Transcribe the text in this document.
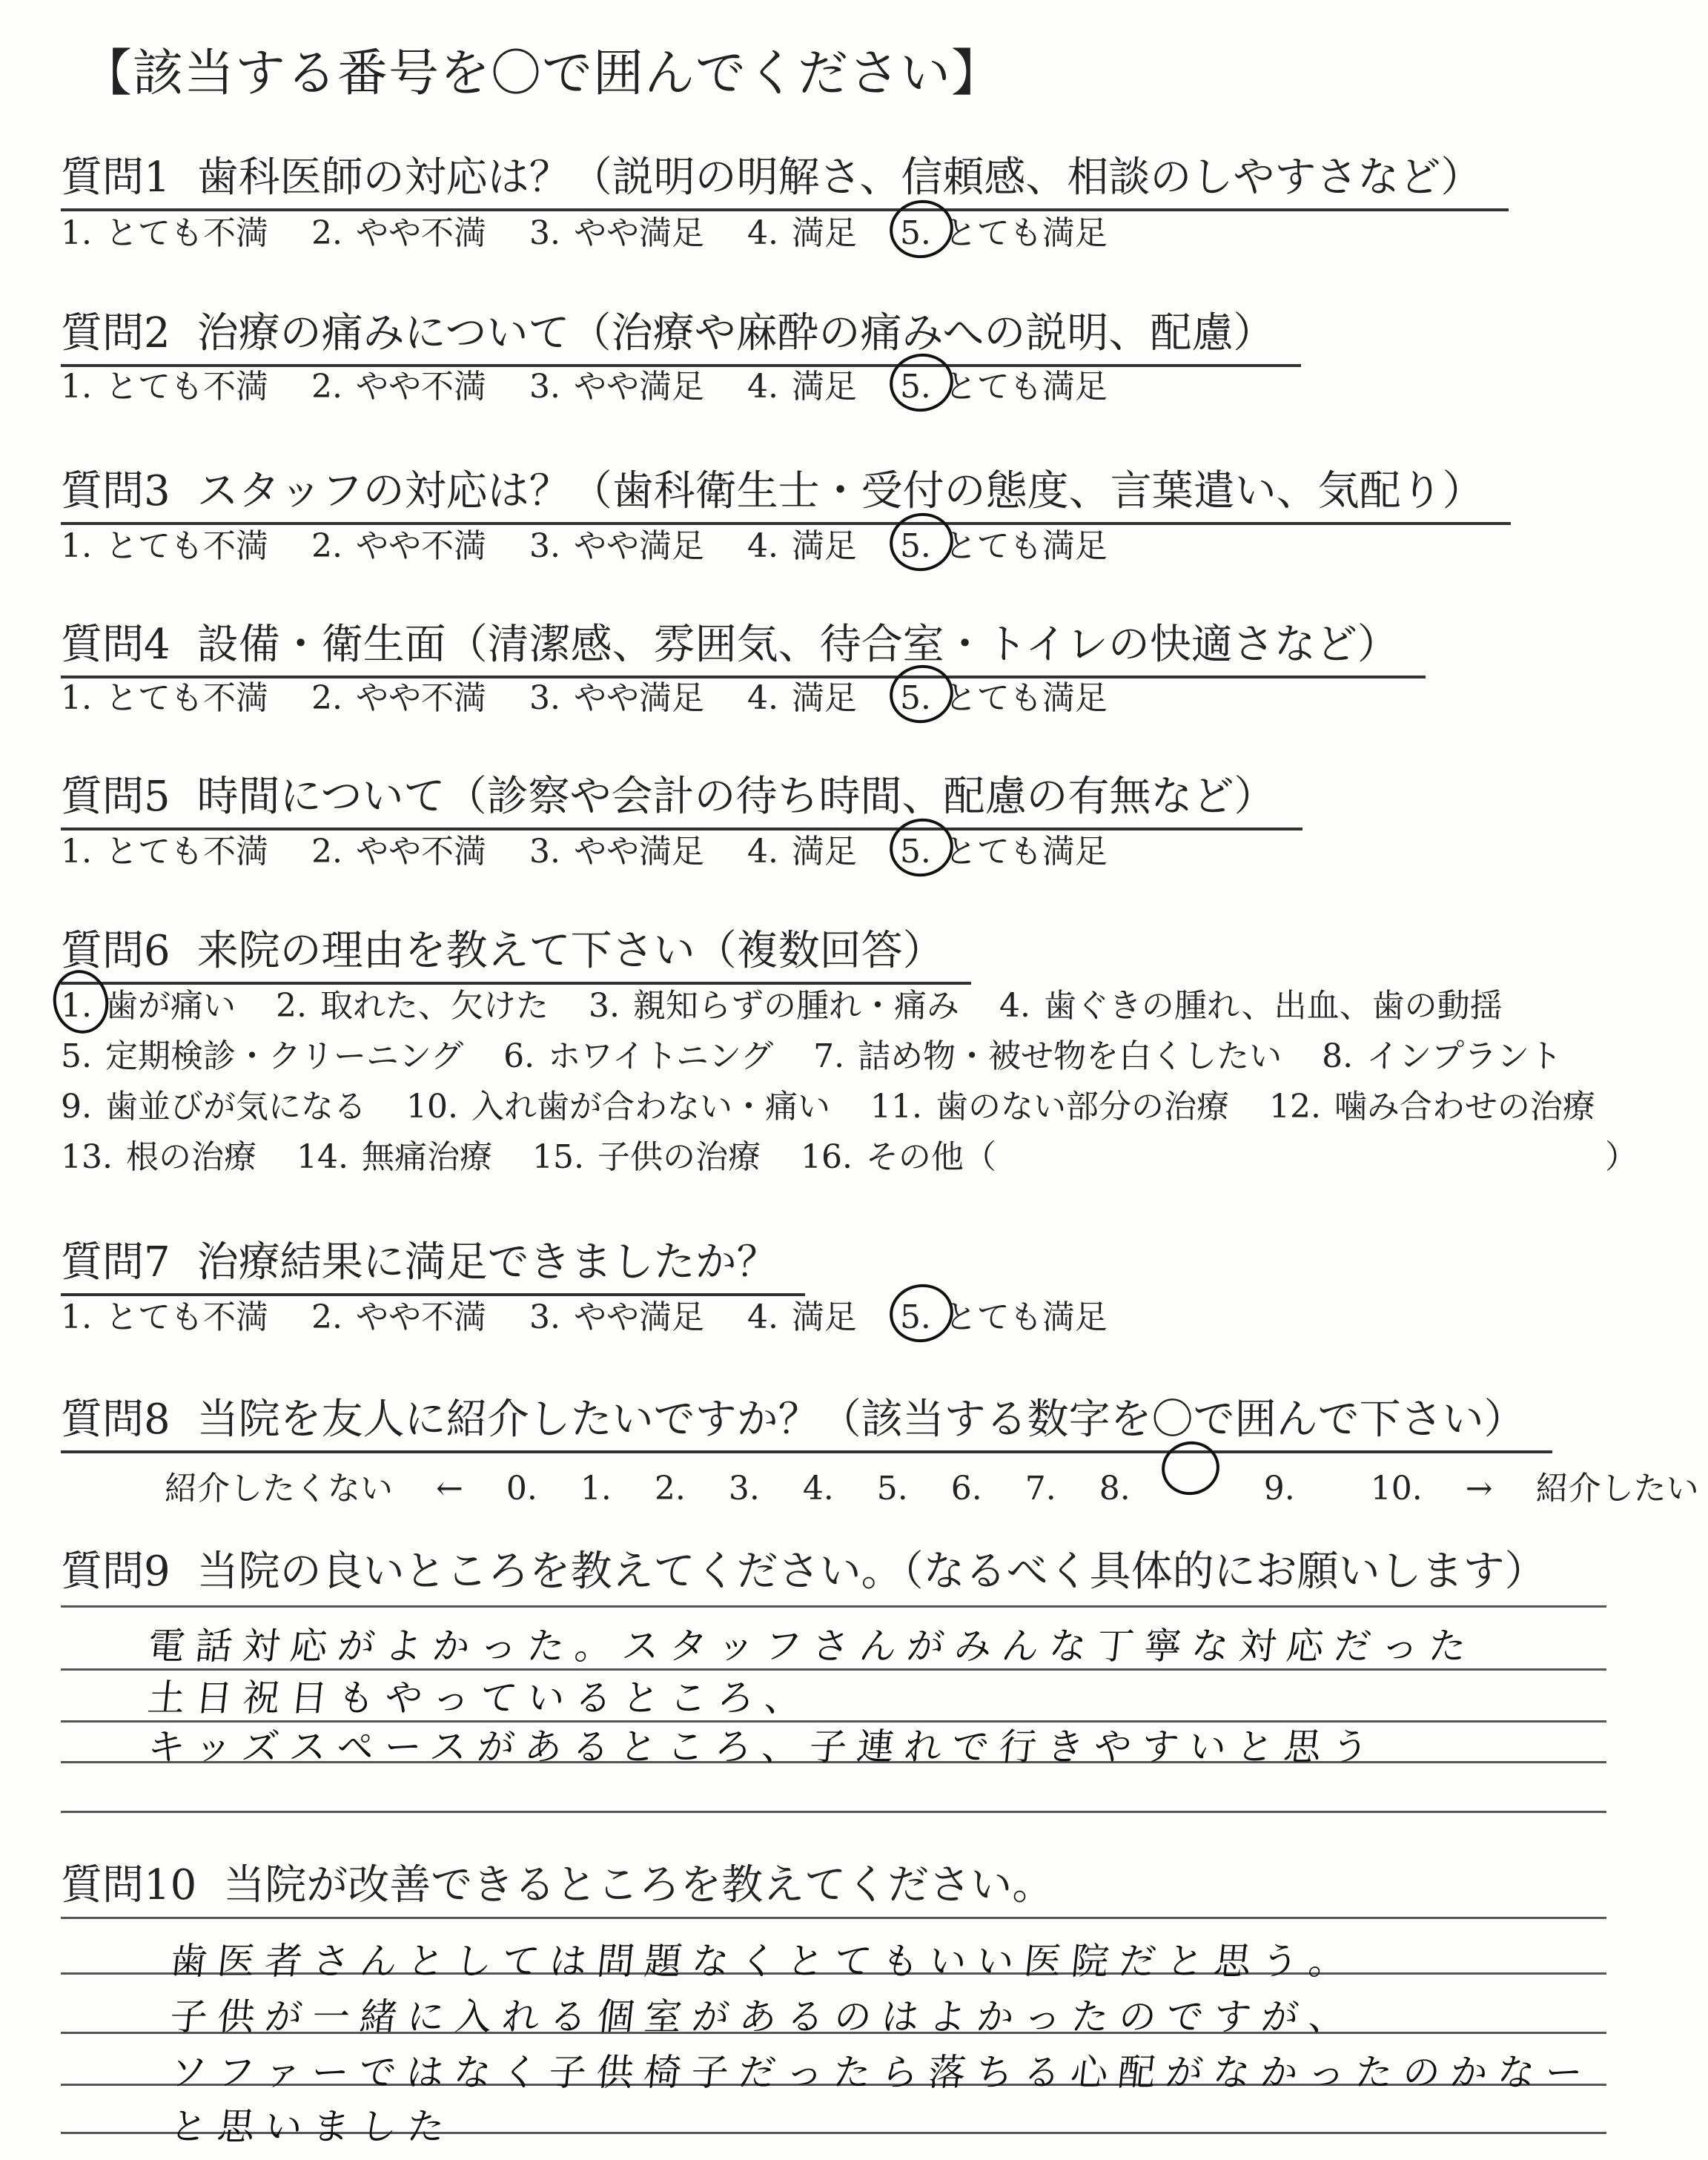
【該当する番号を〇で囲んでください】
質問1 歯科医師の対応は？（説明の明解さ、信頼感、相談のしやすさなど）
1. とても不満 2. やや不満 3. やや満足 4. 満足 5. とても満足
質問2 治療の痛みについて（治療や麻酔の痛みへの説明、配慮）
1. とても不満 2. やや不満 3. やや満足 4. 満足 5. とても満足
質問3 スタッフの対応は？（歯科衛生士・受付の態度、言葉遣い、気配り）
1. とても不満 2. やや不満 3. やや満足 4. 満足 5. とても満足
質問4 設備・衛生面（清潔感、雰囲気、待合室・トイレの快適さなど）
1. とても不満 2. やや不満 3. やや満足 4. 満足 5. とても満足
質問5 時間について（診察や会計の待ち時間、配慮の有無など）
1. とても不満 2. やや不満 3. やや満足 4. 満足 5. とても満足
質問6 来院の理由を教えて下さい（複数回答）
1. 歯が痛い 2. 取れた、欠けた 3. 親知らずの腫れ・痛み 4. 歯ぐきの腫れ、出血、歯の動揺
5. 定期検診・クリーニング 6. ホワイトニング 7. 詰め物・被せ物を白くしたい 8. インプラント
9. 歯並びが気になる 10. 入れ歯が合わない・痛い 11. 歯のない部分の治療 12. 噛み合わせの治療
13. 根の治療 14. 無痛治療 15. 子供の治療 16. その他（	）
質問7 治療結果に満足できましたか？
1. とても不満 2. やや不満 3. やや満足 4. 満足 5. とても満足
質問8 当院を友人に紹介したいですか？（該当する数字を〇で囲んで下さい）
紹介したくない ← 0. 1. 2. 3. 4. 5. 6. 7. 8.	9. 10. → 紹介したい
質問9 当院の良いところを教えてください。（なるべく具体的にお願いします）
電話対応がよかった。スタッフさんがみんな丁寧な対応だった
土日祝日もやっているところ、
キッズスペースがあるところ、子連れで行きやすいと思う
質問10 当院が改善できるところを教えてください。
歯医者さんとしては問題なくとてもいい医院だと思う。
子供が一緒に入れる個室があるのはよかったのですが、
ソファーではなく子供椅子だったら落ちる心配がなかったのかなー
と思いました
